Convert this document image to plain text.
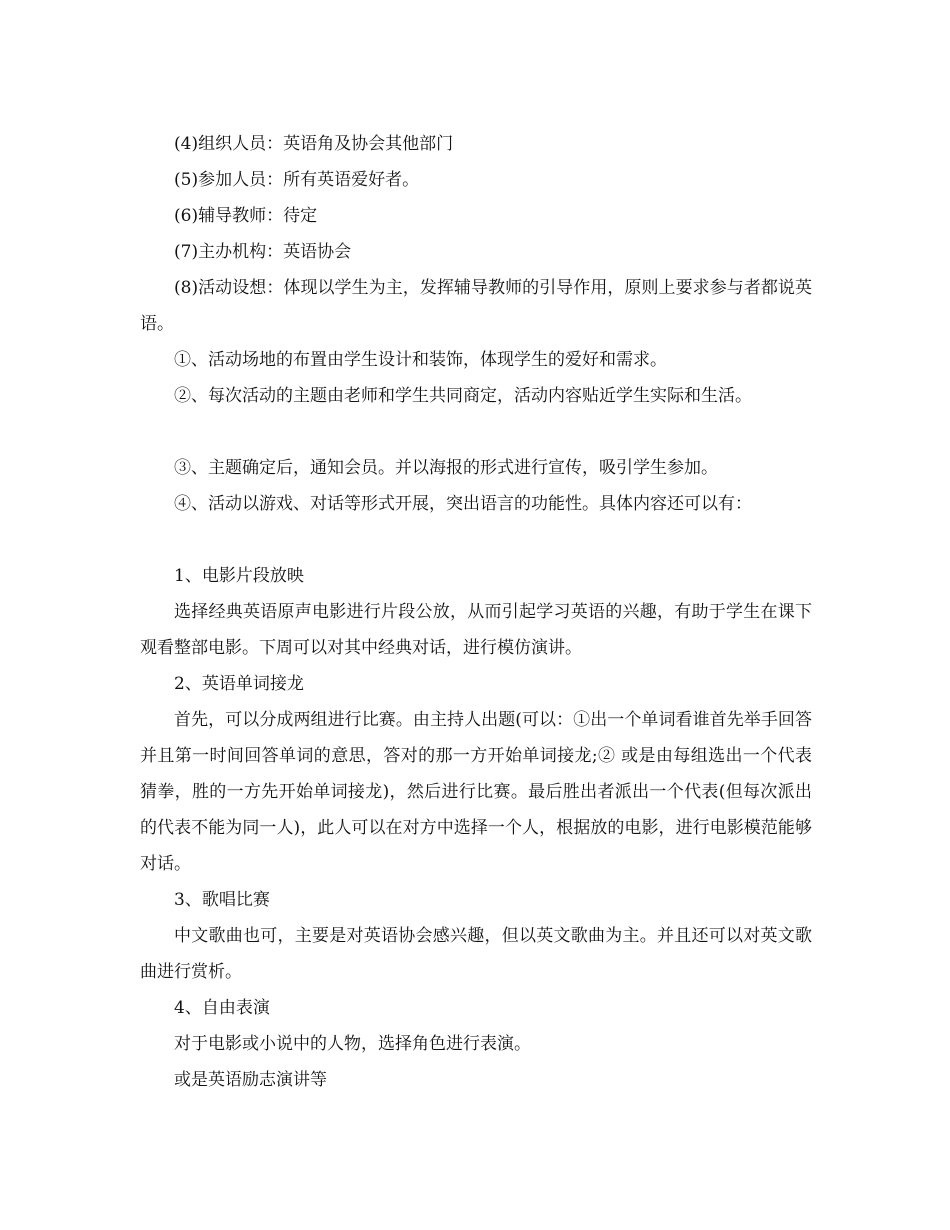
(4)组织人员：英语角及协会其他部门

(5)参加人员：所有英语爱好者。

(6)辅导教师：待定

(7)主办机构：英语协会

(8)活动设想：体现以学生为主，发挥辅导教师的引导作用，原则上要求参与者都说英语。

①、活动场地的布置由学生设计和装饰，体现学生的爱好和需求。

②、每次活动的主题由老师和学生共同商定，活动内容贴近学生实际和生活。

③、主题确定后，通知会员。并以海报的形式进行宣传，吸引学生参加。

④、活动以游戏、对话等形式开展，突出语言的功能性。具体内容还可以有：

1、电影片段放映

选择经典英语原声电影进行片段公放，从而引起学习英语的兴趣，有助于学生在课下观看整部电影。下周可以对其中经典对话，进行模仿演讲。

2、英语单词接龙

首先，可以分成两组进行比赛。由主持人出题(可以：①出一个单词看谁首先举手回答并且第一时间回答单词的意思，答对的那一方开始单词接龙;② 或是由每组选出一个代表猜拳，胜的一方先开始单词接龙)，然后进行比赛。最后胜出者派出一个代表(但每次派出的代表不能为同一人)，此人可以在对方中选择一个人，根据放的电影，进行电影模范能够对话。

3、歌唱比赛

中文歌曲也可，主要是对英语协会感兴趣，但以英文歌曲为主。并且还可以对英文歌曲进行赏析。

4、自由表演

对于电影或小说中的人物，选择角色进行表演。

或是英语励志演讲等
